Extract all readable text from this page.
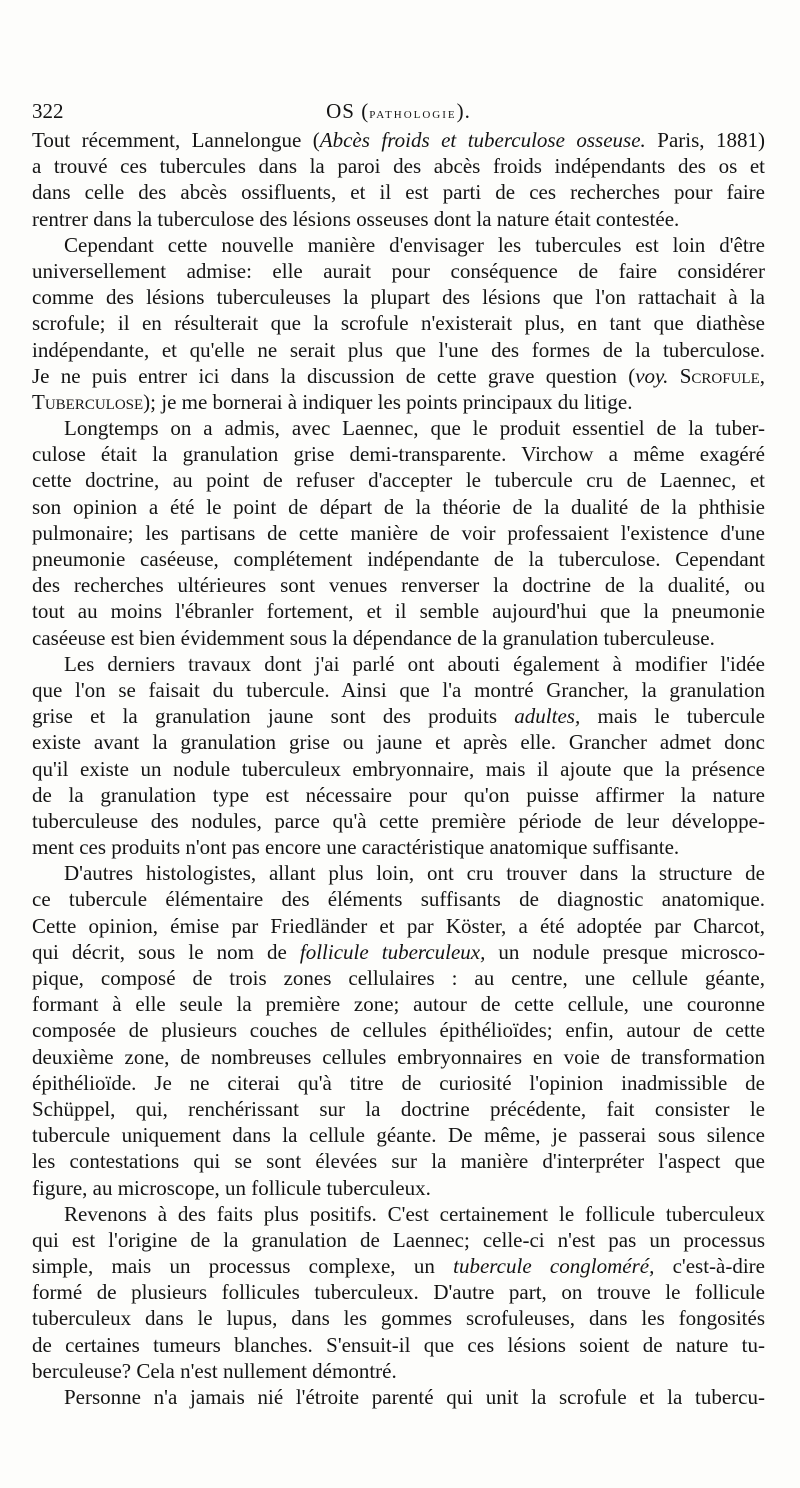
322	OS (pathologie).

Tout récemment, Lannelongue (Abcès froids et tuberculose osseuse. Paris, 1881)
a trouvé ces tubercules dans la paroi des abcès froids indépendants des os et
dans celle des abcès ossifluents, et il est parti de ces recherches pour faire
rentrer dans la tuberculose des lésions osseuses dont la nature était contestée.

Cependant cette nouvelle manière d'envisager les tubercules est loin d'être
universellement admise: elle aurait pour conséquence de faire considérer
comme des lésions tuberculeuses la plupart des lésions que l'on rattachait à la
scrofule; il en résulterait que la scrofule n'existerait plus, en tant que diathèse
indépendante, et qu'elle ne serait plus que l'une des formes de la tuberculose.
Je ne puis entrer ici dans la discussion de cette grave question (voy. Scrofule,
Tuberculose); je me bornerai à indiquer les points principaux du litige.

Longtemps on a admis, avec Laennec, que le produit essentiel de la tuber-
culose était la granulation grise demi-transparente. Virchow a même exagéré
cette doctrine, au point de refuser d'accepter le tubercule cru de Laennec, et
son opinion a été le point de départ de la théorie de la dualité de la phthisie
pulmonaire; les partisans de cette manière de voir professaient l'existence d'une
pneumonie caséeuse, complétement indépendante de la tuberculose. Cependant
des recherches ultérieures sont venues renverser la doctrine de la dualité, ou
tout au moins l'ébranler fortement, et il semble aujourd'hui que la pneumonie
caséeuse est bien évidemment sous la dépendance de la granulation tuberculeuse.

Les derniers travaux dont j'ai parlé ont abouti également à modifier l'idée
que l'on se faisait du tubercule. Ainsi que l'a montré Grancher, la granulation
grise et la granulation jaune sont des produits adultes, mais le tubercule
existe avant la granulation grise ou jaune et après elle. Grancher admet donc
qu'il existe un nodule tuberculeux embryonnaire, mais il ajoute que la présence
de la granulation type est nécessaire pour qu'on puisse affirmer la nature
tuberculeuse des nodules, parce qu'à cette première période de leur développe-
ment ces produits n'ont pas encore une caractéristique anatomique suffisante.

D'autres histologistes, allant plus loin, ont cru trouver dans la structure de
ce tubercule élémentaire des éléments suffisants de diagnostic anatomique.
Cette opinion, émise par Friedländer et par Köster, a été adoptée par Charcot,
qui décrit, sous le nom de follicule tuberculeux, un nodule presque microsco-
pique, composé de trois zones cellulaires : au centre, une cellule géante,
formant à elle seule la première zone; autour de cette cellule, une couronne
composée de plusieurs couches de cellules épithélioïdes; enfin, autour de cette
deuxième zone, de nombreuses cellules embryonnaires en voie de transformation
épithélioïde. Je ne citerai qu'à titre de curiosité l'opinion inadmissible de
Schüppel, qui, renchérissant sur la doctrine précédente, fait consister le
tubercule uniquement dans la cellule géante. De même, je passerai sous silence
les contestations qui se sont élevées sur la manière d'interpréter l'aspect que
figure, au microscope, un follicule tuberculeux.

Revenons à des faits plus positifs. C'est certainement le follicule tuberculeux
qui est l'origine de la granulation de Laennec; celle-ci n'est pas un processus
simple, mais un processus complexe, un tubercule congloméré, c'est-à-dire
formé de plusieurs follicules tuberculeux. D'autre part, on trouve le follicule
tuberculeux dans le lupus, dans les gommes scrofuleuses, dans les fongosités
de certaines tumeurs blanches. S'ensuit-il que ces lésions soient de nature tu-
berculeuse? Cela n'est nullement démontré.

Personne n'a jamais nié l'étroite parenté qui unit la scrofule et la tubercu-
